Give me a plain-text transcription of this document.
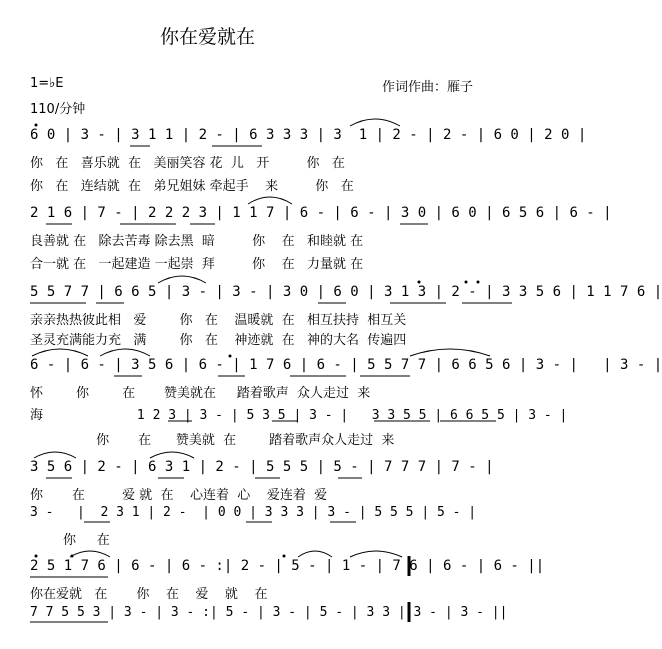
你在爱就在
1=♭E
110/分钟
作词作曲：雁子
6 0 | 3 - | 3 1 1 | 2 - | 6 3 3 3 | 3  1 | 2 - | 2 - | 6 0 | 2 0 |
你   在   喜乐就  在   美丽笑容 花  儿   开         你   在
你   在   连结就  在   弟兄姐妹 牵起手    来         你   在
2 1 6 | 7 - | 2 2 2 3 | 1 1 7 | 6 - | 6 - | 3 0 | 6 0 | 6 5 6 | 6 - |
良善就 在   除去苦毒 除去黑  暗         你    在   和睦就 在
合一就 在   一起建造 一起崇  拜         你    在   力量就 在
5 5 7 7 | 6 6 5 | 3 - | 3 - | 3 0 | 6 0 | 3 1 3 | 2 - | 3 3 5 6 | 1 1 7 6 |
亲亲热热彼此相   爱        你   在    温暖就  在   相互扶持  相互关
圣灵充满能力充   满        你   在    神迹就  在   神的大名  传遍四
6 - | 6 - | 3 5 6 | 6 - | 1 7 6 | 6 - | 5 5 7 7 | 6 6 5 6 | 3 - |   | 3 - |
怀        你        在       赞美就在     踏着歌声  众人走过  来
海            1 2 3 | 3 - | 5 3 5 | 3 - |   3 3 5 5 | 6 6 5 5 | 3 - |
你       在      赞美就  在        踏着歌声众人走过  来
3 5 6 | 2 - | 6 3 1 | 2 - | 5 5 5 | 5 - | 7 7 7 | 7 - |
你       在         爱 就  在    心连着  心    爱连着  爱
3 -   |  2 3 1 | 2 -  | 0 0 | 3 3 3 | 3 - | 5 5 5 | 5 - |
你     在
2 5 1 7 6 | 6 - | 6 - :| 2 - | 5 - | 1 - | 7 6 | 6 - | 6 - ||
你在爱就   在       你    在    爱    就    在
7 7 5 5 3 | 3 - | 3 - :| 5 - | 3 - | 5 - | 3 3 | 3 - | 3 - ||
